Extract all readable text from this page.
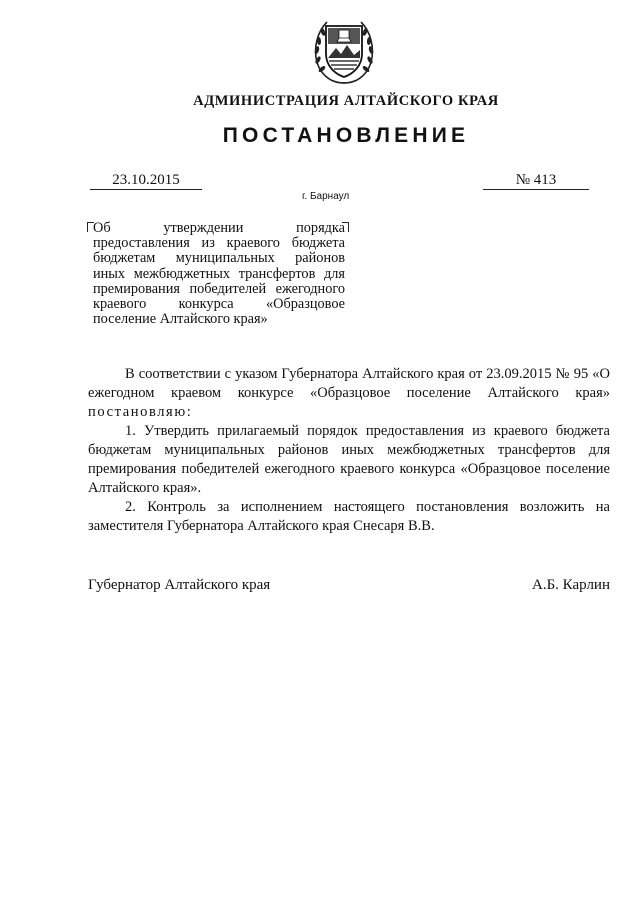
АДМИНИСТРАЦИЯ АЛТАЙСКОГО КРАЯ
ПОСТАНОВЛЕНИЕ
23.10.2015
г. Барнаул
№ 413
Об утверждении порядка предоставления из краевого бюджета бюджетам муниципальных районов иных межбюджетных трансфертов для премирования победителей ежегодного краевого конкурса «Образцовое поселение Алтайского края»

В соответствии с указом Губернатора Алтайского края от 23.09.2015 № 95 «О ежегодном краевом конкурсе «Образцовое поселение Алтайского края» постановляю:

1. Утвердить прилагаемый порядок предоставления из краевого бюджета бюджетам муниципальных районов иных межбюджетных трансфертов для премирования победителей ежегодного краевого конкурса «Образцовое поселение Алтайского края».

2. Контроль за исполнением настоящего постановления возложить на заместителя Губернатора Алтайского края Снесаря В.В.

Губернатор Алтайского края	А.Б. Карлин
